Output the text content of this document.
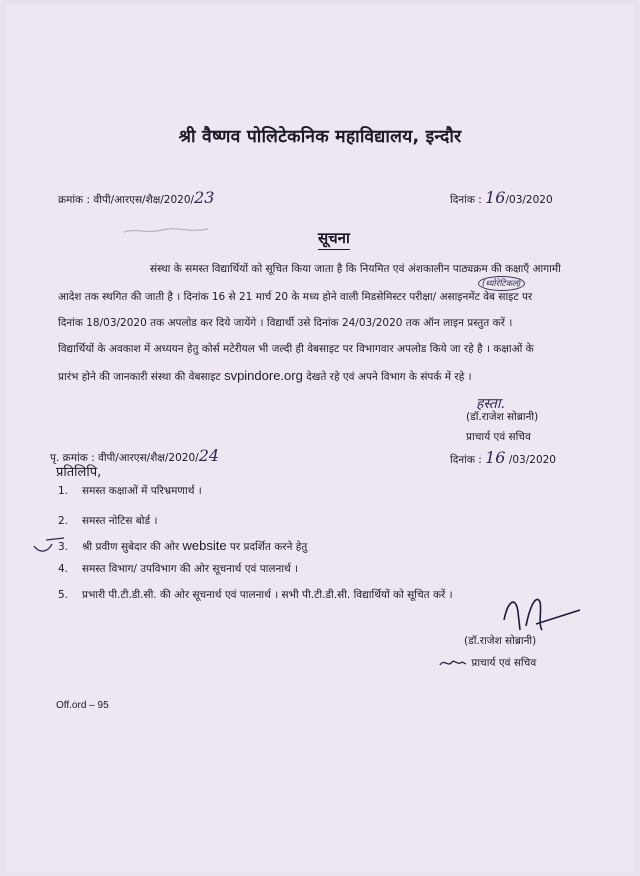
श्री वैष्णव पोलिटेकनिक महाविद्यालय, इन्दौर
क्रमांक : वीपी/आरएस/शैक्ष/2020/23	दिनांक : 16/03/2020
सूचना
(थ्योरेटिकल)
संस्था के समस्त विद्यार्थियों को सूचित किया जाता है कि नियमित एवं अंशकालीन पाठ्यक्रम की कक्षाएँ आगामी
आदेश तक स्थगित की जाती है । दिनांक 16 से 21 मार्च 20 के मध्य होने वाली मिडसेमिस्टर परीक्षा/ असाइनमेंट वेब साइट पर
दिनांक 18/03/2020 तक अपलोड कर दिये जायेंगे । विद्यार्थी उसे दिनांक 24/03/2020 तक ऑन लाइन प्रस्तुत करें ।
विद्यार्थियों के अवकाश में अध्ययन हेतु कोर्स मटेरीयल भी जल्दी ही वेबसाइट पर विभागवार अपलोड किये जा रहे है । कक्षाओं के
प्रारंभ होने की जानकारी संस्था की वेबसाइट svpindore.org देखते रहे एवं अपने विभाग के संपर्क में रहे ।
हस्ता.
(डॉ.राजेश सोब्रानी)
प्राचार्य एवं सचिव
दिनांक : 16 /03/2020
पृ. क्रमांक : वीपी/आरएस/शैक्ष/2020/24
प्रतिलिपि,
1. समस्त कक्षाओं में परिभ्रमणार्थ ।
2. समस्त नोटिस बोर्ड ।
3. श्री प्रवीण सुबेदार की ओर website पर प्रदर्शित करने हेतु
4. समस्त विभाग/ उपविभाग की ओर सूचनार्थ एवं पालनार्थ ।
5. प्रभारी पी.टी.डी.सी. की ओर सूचनार्थ एवं पालनार्थ । सभी पी.टी.डी.सी. विद्यार्थियों को सूचित करें ।
(डॉ.राजेश सोब्रानी)
प्राचार्य एवं सचिव
Off.ord – 95
